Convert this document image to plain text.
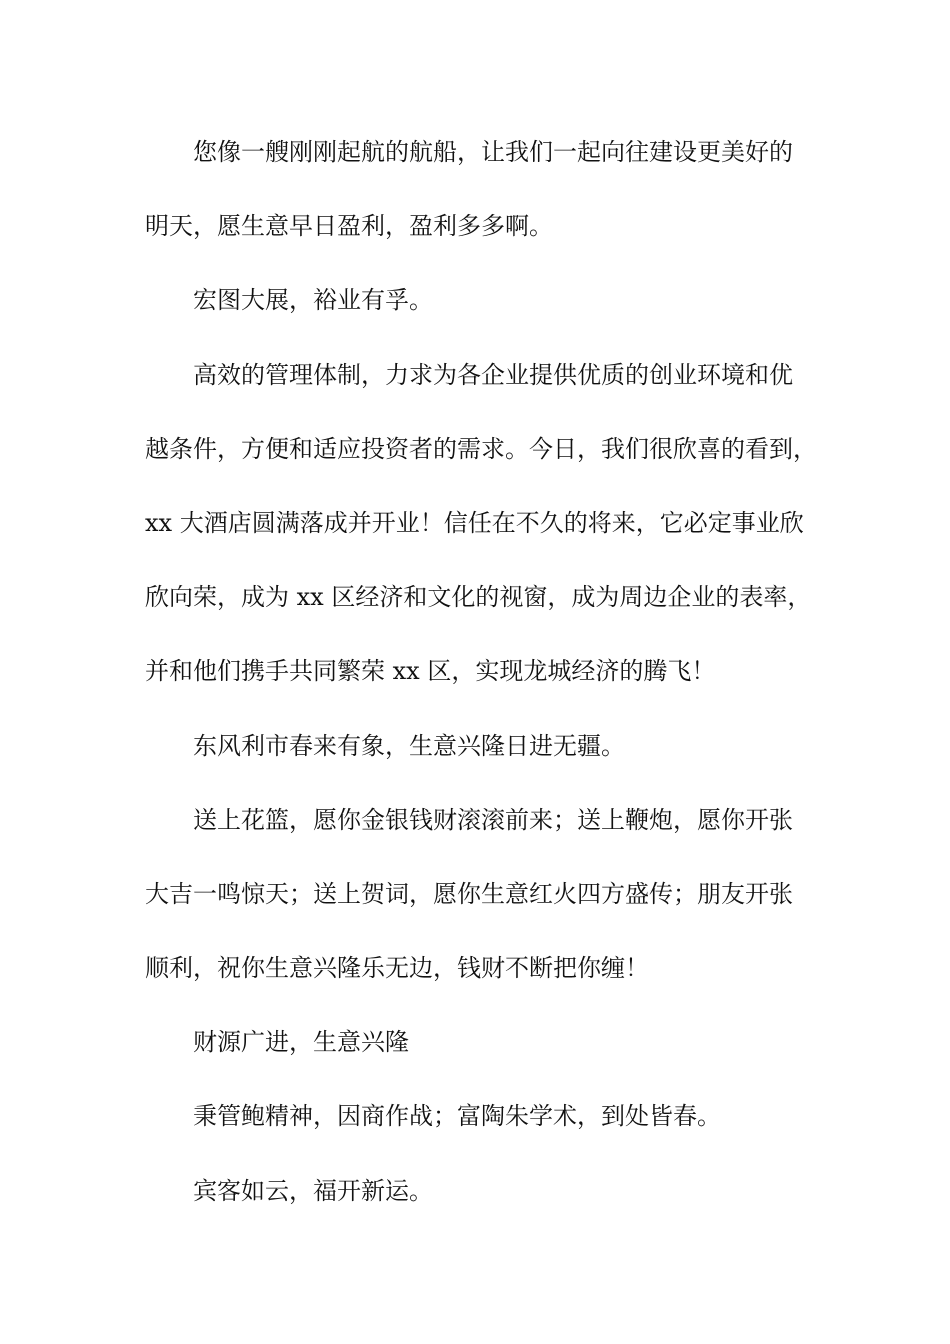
您像一艘刚刚起航的航船，让我们一起向往建设更美好的
明天，愿生意早日盈利，盈利多多啊。
宏图大展，裕业有孚。
高效的管理体制，力求为各企业提供优质的创业环境和优
越条件，方便和适应投资者的需求。今日，我们很欣喜的看到，
xx 大酒店圆满落成并开业！信任在不久的将来，它必定事业欣
欣向荣，成为 xx 区经济和文化的视窗，成为周边企业的表率，
并和他们携手共同繁荣 xx 区，实现龙城经济的腾飞！
东风利市春来有象，生意兴隆日进无疆。
送上花篮，愿你金银钱财滚滚前来；送上鞭炮，愿你开张
大吉一鸣惊天；送上贺词，愿你生意红火四方盛传；朋友开张
顺利，祝你生意兴隆乐无边，钱财不断把你缠！
财源广进，生意兴隆
秉管鲍精神，因商作战；富陶朱学术，到处皆春。
宾客如云，福开新运。
